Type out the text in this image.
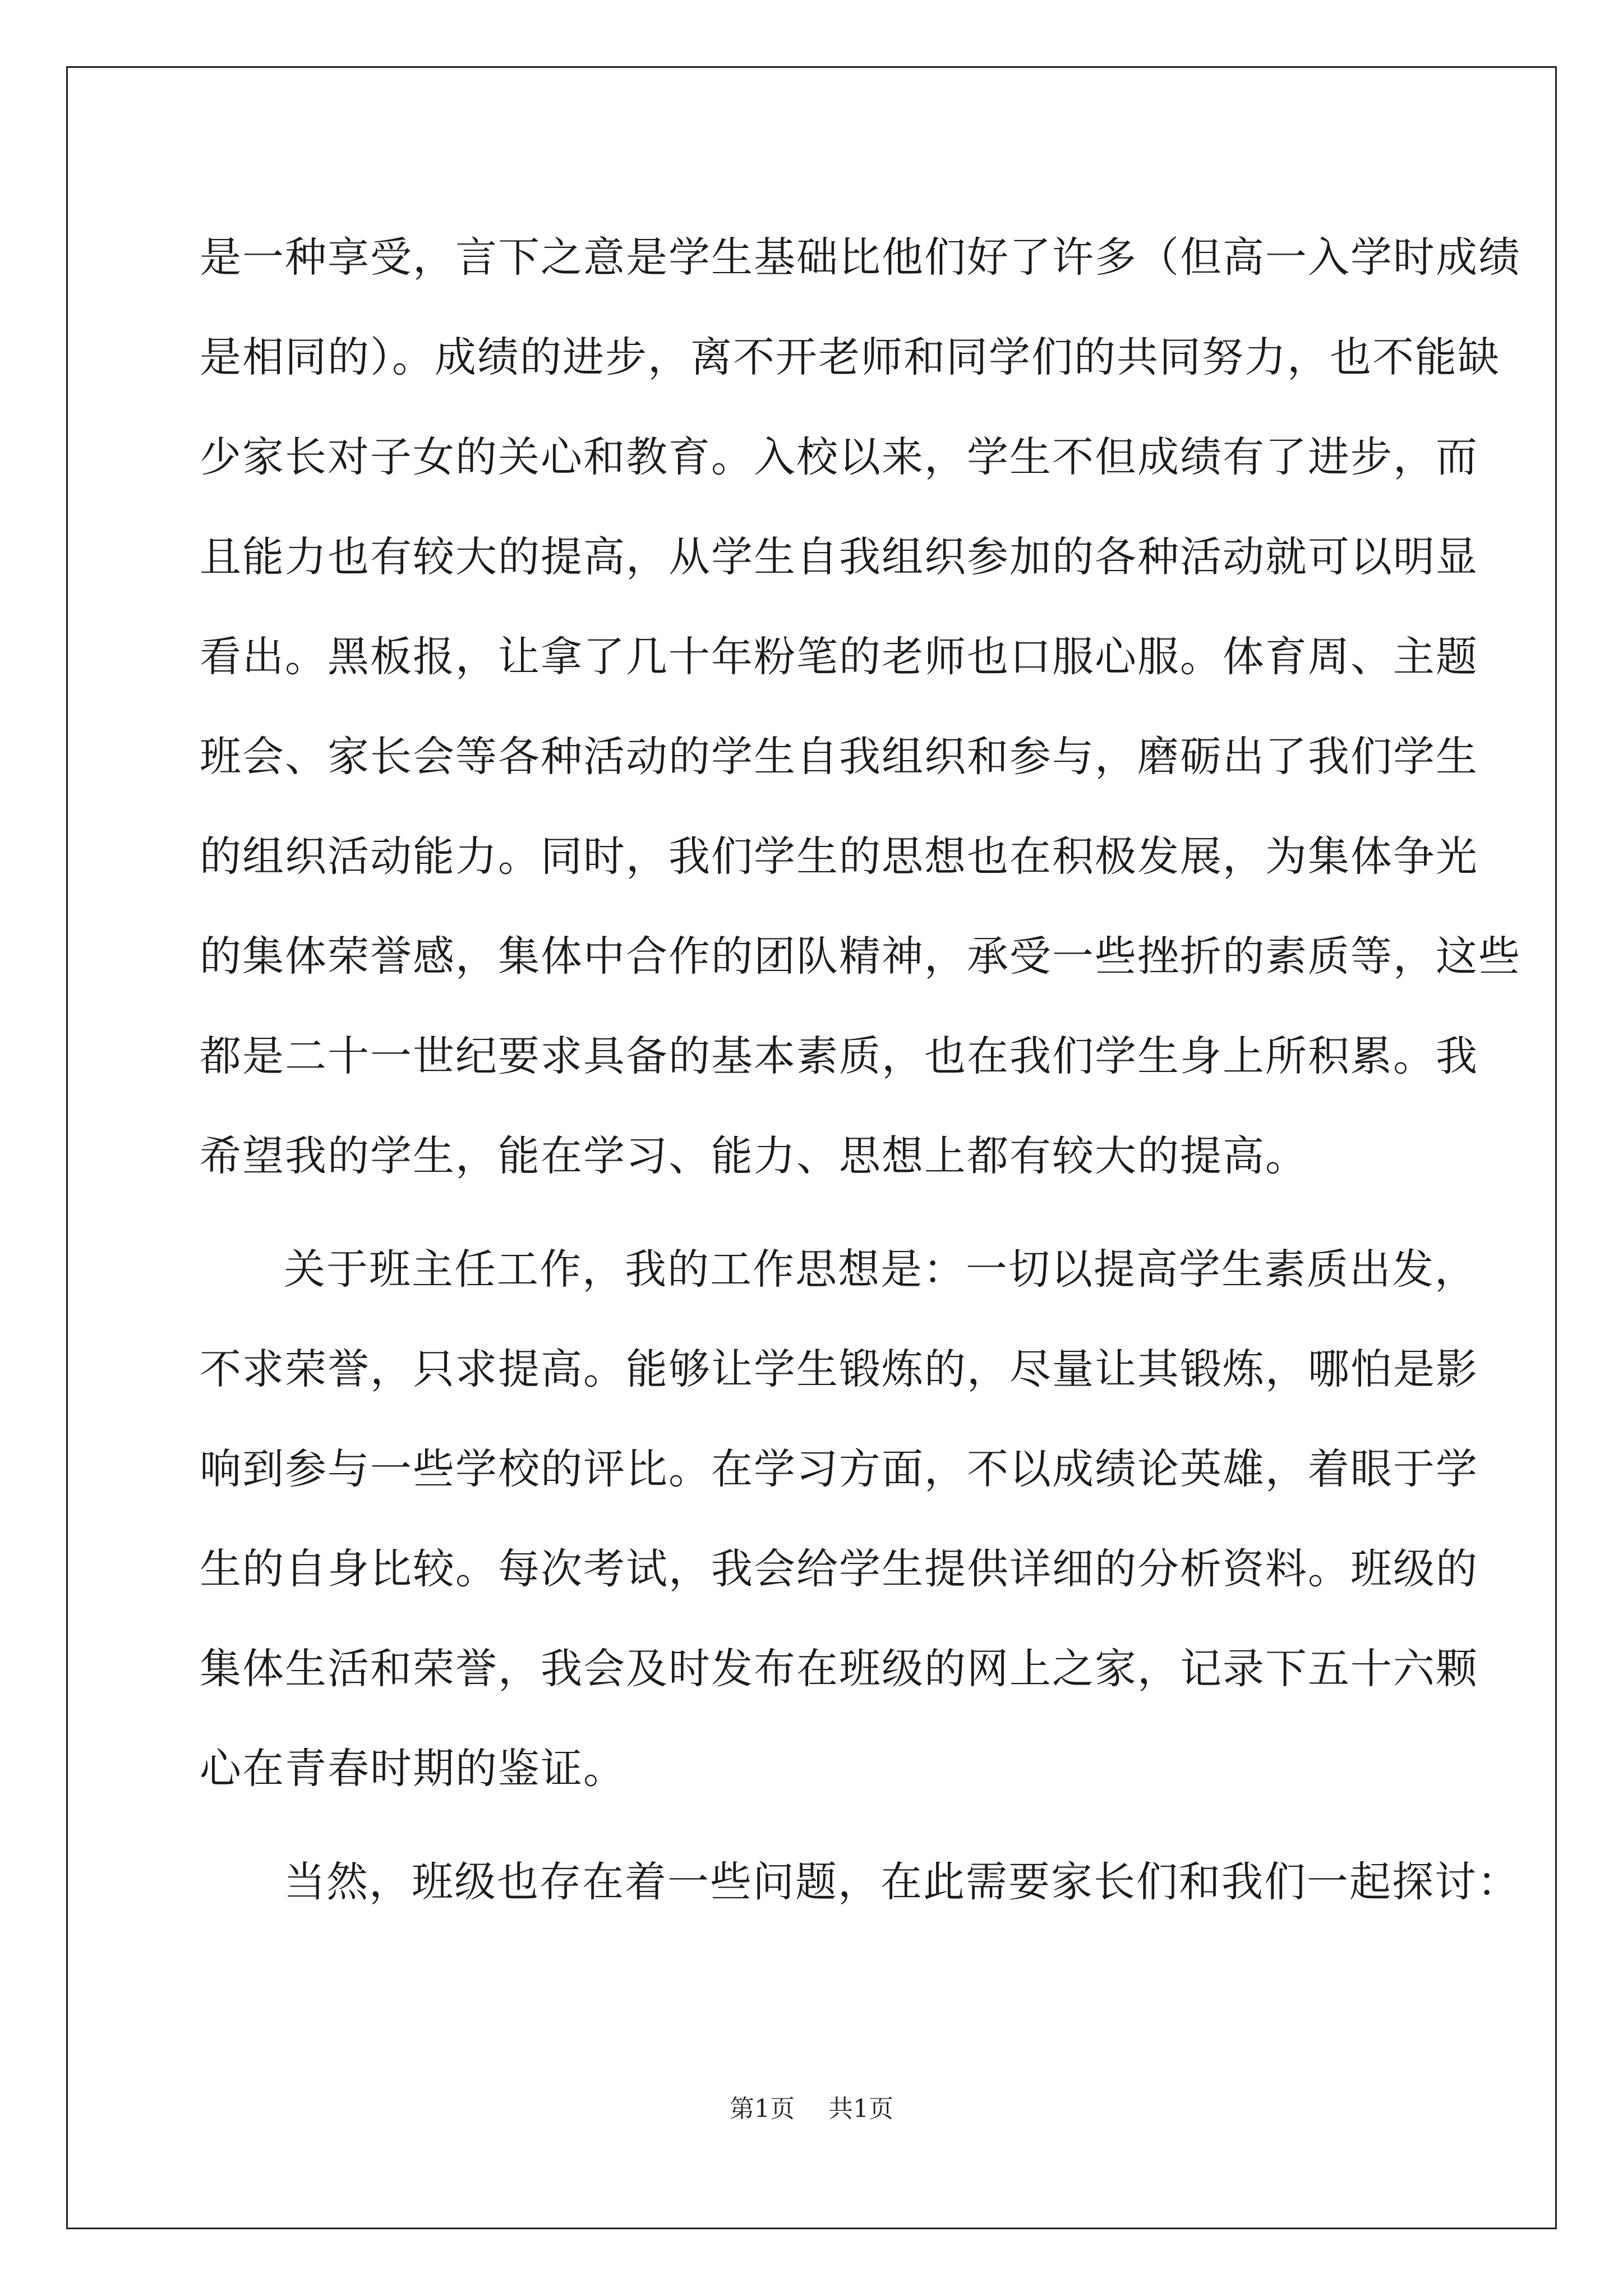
是一种享受，言下之意是学生基础比他们好了许多（但高一入学时成绩
是相同的）。成绩的进步，离不开老师和同学们的共同努力，也不能缺
少家长对子女的关心和教育。入校以来，学生不但成绩有了进步，而
且能力也有较大的提高，从学生自我组织参加的各种活动就可以明显
看出。黑板报，让拿了几十年粉笔的老师也口服心服。体育周、主题
班会、家长会等各种活动的学生自我组织和参与，磨砺出了我们学生
的组织活动能力。同时，我们学生的思想也在积极发展，为集体争光
的集体荣誉感，集体中合作的团队精神，承受一些挫折的素质等，这些
都是二十一世纪要求具备的基本素质，也在我们学生身上所积累。我
希望我的学生，能在学习、能力、思想上都有较大的提高。
关于班主任工作，我的工作思想是：一切以提高学生素质出发，
不求荣誉，只求提高。能够让学生锻炼的，尽量让其锻炼，哪怕是影
响到参与一些学校的评比。在学习方面，不以成绩论英雄，着眼于学
生的自身比较。每次考试，我会给学生提供详细的分析资料。班级的
集体生活和荣誉，我会及时发布在班级的网上之家，记录下五十六颗
心在青春时期的鉴证。
当然，班级也存在着一些问题，在此需要家长们和我们一起探讨：
第1页 共1页
